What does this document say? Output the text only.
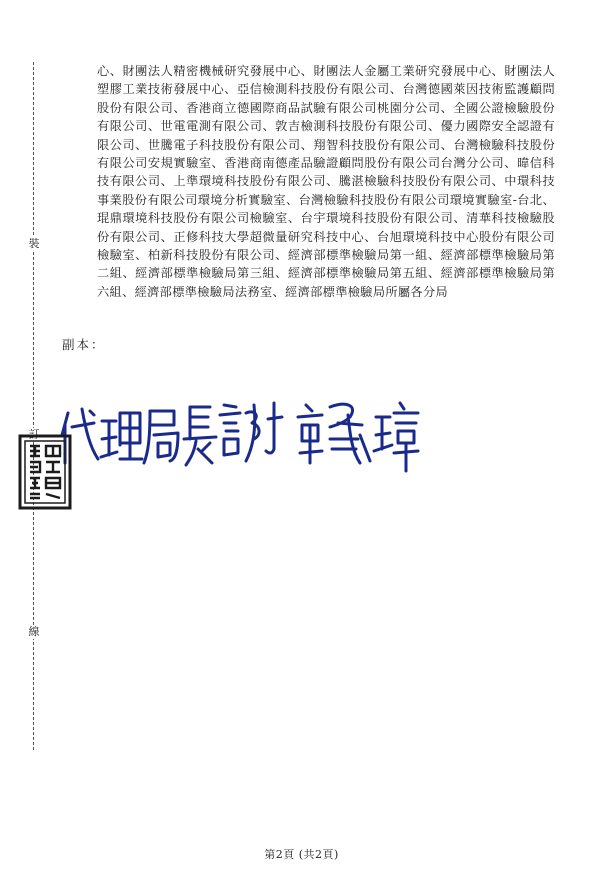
裝
訂
線
心、財團法人精密機械研究發展中心、財團法人金屬工業研究發展中心、財團法人塑膠工業技術發展中心、亞信檢測科技股份有限公司、台灣德國萊因技術監護顧問股份有限公司、香港商立德國際商品試驗有限公司桃園分公司、全國公證檢驗股份有限公司、世電電測有限公司、敦吉檢測科技股份有限公司、優力國際安全認證有限公司、世騰電子科技股份有限公司、翔智科技股份有限公司、台灣檢驗科技股份有限公司安規實驗室、香港商南德產品驗證顧問股份有限公司台灣分公司、暐信科技有限公司、上準環境科技股份有限公司、騰湛檢驗科技股份有限公司、中環科技事業股份有限公司環境分析實驗室、台灣檢驗科技股份有限公司環境實驗室-台北、琨鼎環境科技股份有限公司檢驗室、台宇環境科技股份有限公司、清華科技檢驗股份有限公司、正修科技大學超微量研究科技中心、台旭環境科技中心股份有限公司檢驗室、柏新科技股份有限公司、經濟部標準檢驗局第一組、經濟部標準檢驗局第二組、經濟部標準檢驗局第三組、經濟部標準檢驗局第五組、經濟部標準檢驗局第六組、經濟部標準檢驗局法務室、經濟部標準檢驗局所屬各分局
副本：
第2頁 (共2頁)
